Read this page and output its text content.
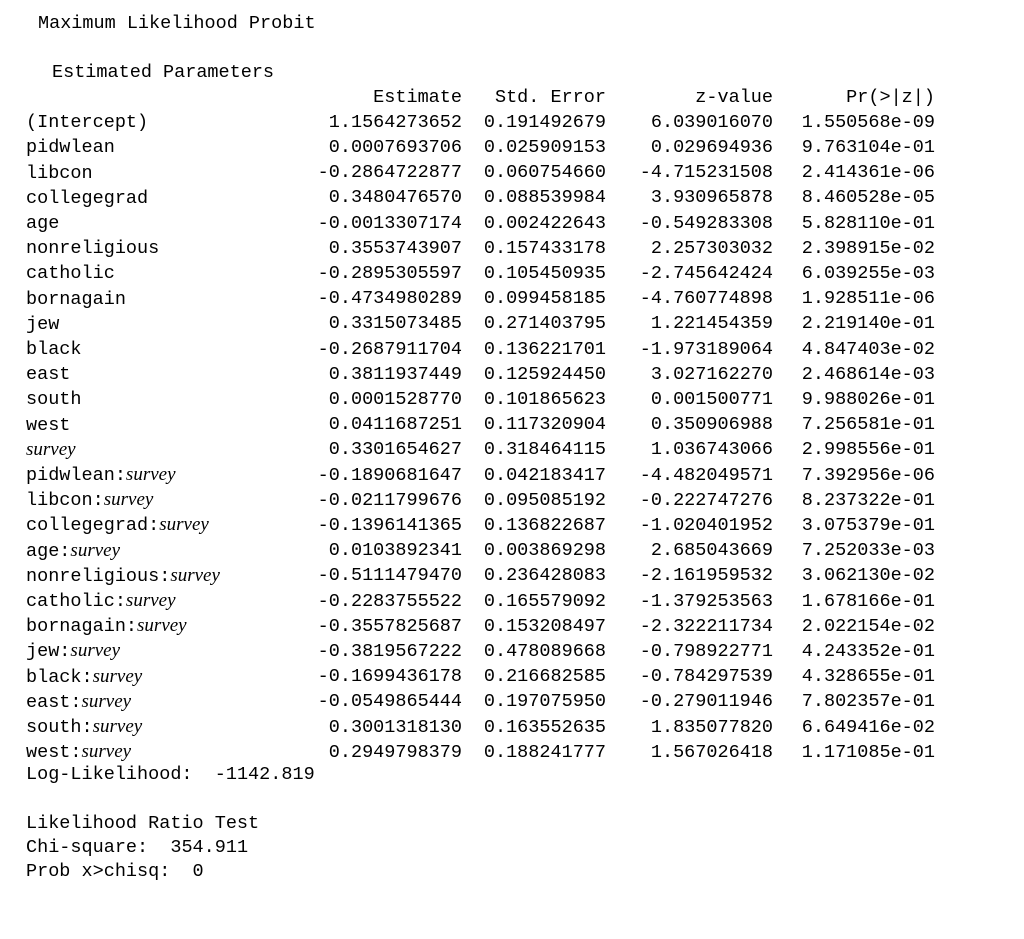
Maximum Likelihood Probit
Estimated Parameters
	Estimate	Std. Error	z-value	Pr(>|z|)
(Intercept)	1.1564273652	0.191492679	6.039016070	1.550568e-09
pidwlean	0.0007693706	0.025909153	0.029694936	9.763104e-01
libcon	-0.2864722877	0.060754660	-4.715231508	2.414361e-06
collegegrad	0.3480476570	0.088539984	3.930965878	8.460528e-05
age	-0.0013307174	0.002422643	-0.549283308	5.828110e-01
nonreligious	0.3553743907	0.157433178	2.257303032	2.398915e-02
catholic	-0.2895305597	0.105450935	-2.745642424	6.039255e-03
bornagain	-0.4734980289	0.099458185	-4.760774898	1.928511e-06
jew	0.3315073485	0.271403795	1.221454359	2.219140e-01
black	-0.2687911704	0.136221701	-1.973189064	4.847403e-02
east	0.3811937449	0.125924450	3.027162270	2.468614e-03
south	0.0001528770	0.101865623	0.001500771	9.988026e-01
west	0.0411687251	0.117320904	0.350906988	7.256581e-01
survey	0.3301654627	0.318464115	1.036743066	2.998556e-01
pidwlean:survey	-0.1890681647	0.042183417	-4.482049571	7.392956e-06
libcon:survey	-0.0211799676	0.095085192	-0.222747276	8.237322e-01
collegegrad:survey	-0.1396141365	0.136822687	-1.020401952	3.075379e-01
age:survey	0.0103892341	0.003869298	2.685043669	7.252033e-03
nonreligious:survey	-0.5111479470	0.236428083	-2.161959532	3.062130e-02
catholic:survey	-0.2283755522	0.165579092	-1.379253563	1.678166e-01
bornagain:survey	-0.3557825687	0.153208497	-2.322211734	2.022154e-02
jew:survey	-0.3819567222	0.478089668	-0.798922771	4.243352e-01
black:survey	-0.1699436178	0.216682585	-0.784297539	4.328655e-01
east:survey	-0.0549865444	0.197075950	-0.279011946	7.802357e-01
south:survey	0.3001318130	0.163552635	1.835077820	6.649416e-02
west:survey	0.2949798379	0.188241777	1.567026418	1.171085e-01
Log-Likelihood: -1142.819
Likelihood Ratio Test
Chi-square: 354.911
Prob x>chisq: 0
